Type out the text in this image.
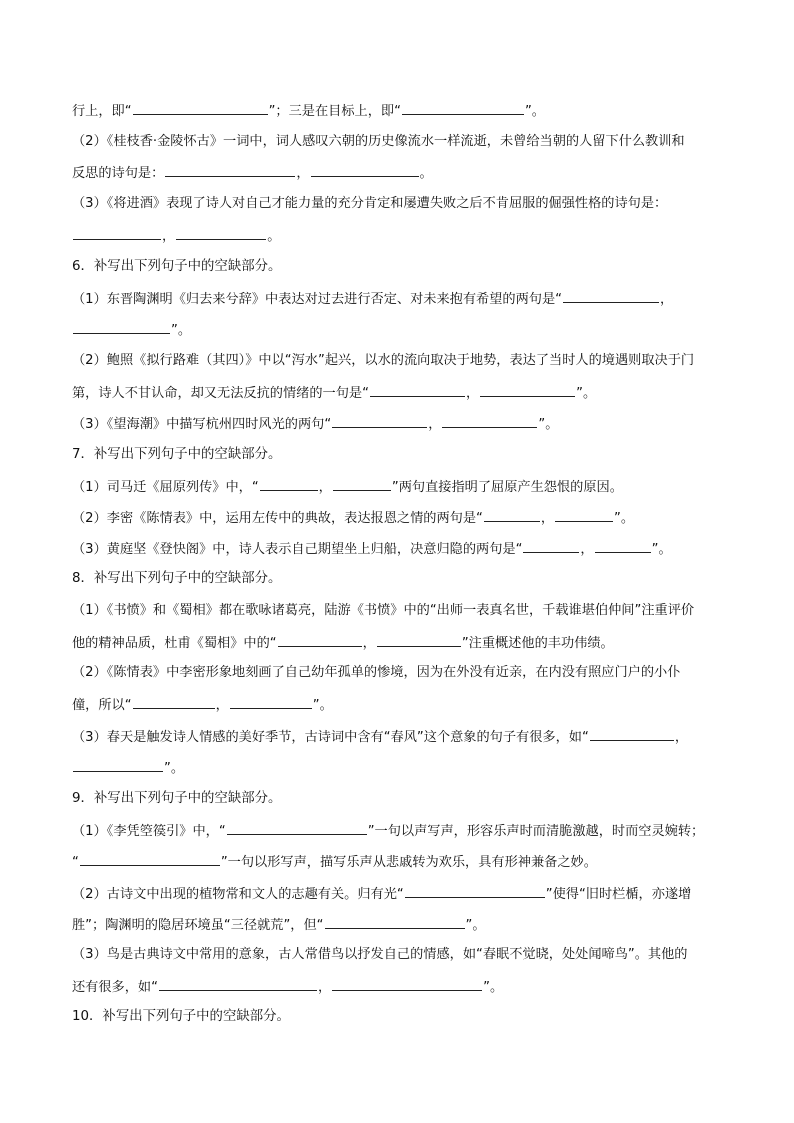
行上，即“	”；三是在目标上，即“	”。
（2）《桂枝香·金陵怀古》一词中，词人感叹六朝的历史像流水一样流逝，未曾给当朝的人留下什么教训和
反思的诗句是：	，	。
（3）《将进酒》表现了诗人对自己才能力量的充分肯定和屡遭失败之后不肯屈服的倔强性格的诗句是：
，	。
6．补写出下列句子中的空缺部分。
（1）东晋陶渊明《归去来兮辞》中表达对过去进行否定、对未来抱有希望的两句是“	，
”。
（2）鲍照《拟行路难（其四）》中以“泻水”起兴，以水的流向取决于地势，表达了当时人的境遇则取决于门
第，诗人不甘认命，却又无法反抗的情绪的一句是“	，	”。
（3）《望海潮》中描写杭州四时风光的两句“	，	”。
7．补写出下列句子中的空缺部分。
（1）司马迁《屈原列传》中，“	，	”两句直接指明了屈原产生怨恨的原因。
（2）李密《陈情表》中，运用左传中的典故，表达报恩之情的两句是“	，	”。
（3）黄庭坚《登快阁》中，诗人表示自己期望坐上归船，决意归隐的两句是“	，	”。
8．补写出下列句子中的空缺部分。
（1）《书愤》和《蜀相》都在歌咏诸葛亮，陆游《书愤》中的“出师一表真名世，千载谁堪伯仲间”注重评价
他的精神品质，杜甫《蜀相》中的“	，	”注重概述他的丰功伟绩。
（2）《陈情表》中李密形象地刻画了自己幼年孤单的惨境，因为在外没有近亲，在内没有照应门户的小仆
僮，所以“	，	”。
（3）春天是触发诗人情感的美好季节，古诗词中含有“春风”这个意象的句子有很多，如“	，
”。
9．补写出下列句子中的空缺部分。
（1）《李凭箜篌引》中，“	”一句以声写声，形容乐声时而清脆激越，时而空灵婉转；
“	”一句以形写声，描写乐声从悲戚转为欢乐，具有形神兼备之妙。
（2）古诗文中出现的植物常和文人的志趣有关。归有光“	”使得“旧时栏楯，亦遂增
胜”；陶渊明的隐居环境虽“三径就荒”，但“	”。
（3）鸟是古典诗文中常用的意象，古人常借鸟以抒发自己的情感，如“春眠不觉晓，处处闻啼鸟”。其他的
还有很多，如“	，	”。
10．补写出下列句子中的空缺部分。
